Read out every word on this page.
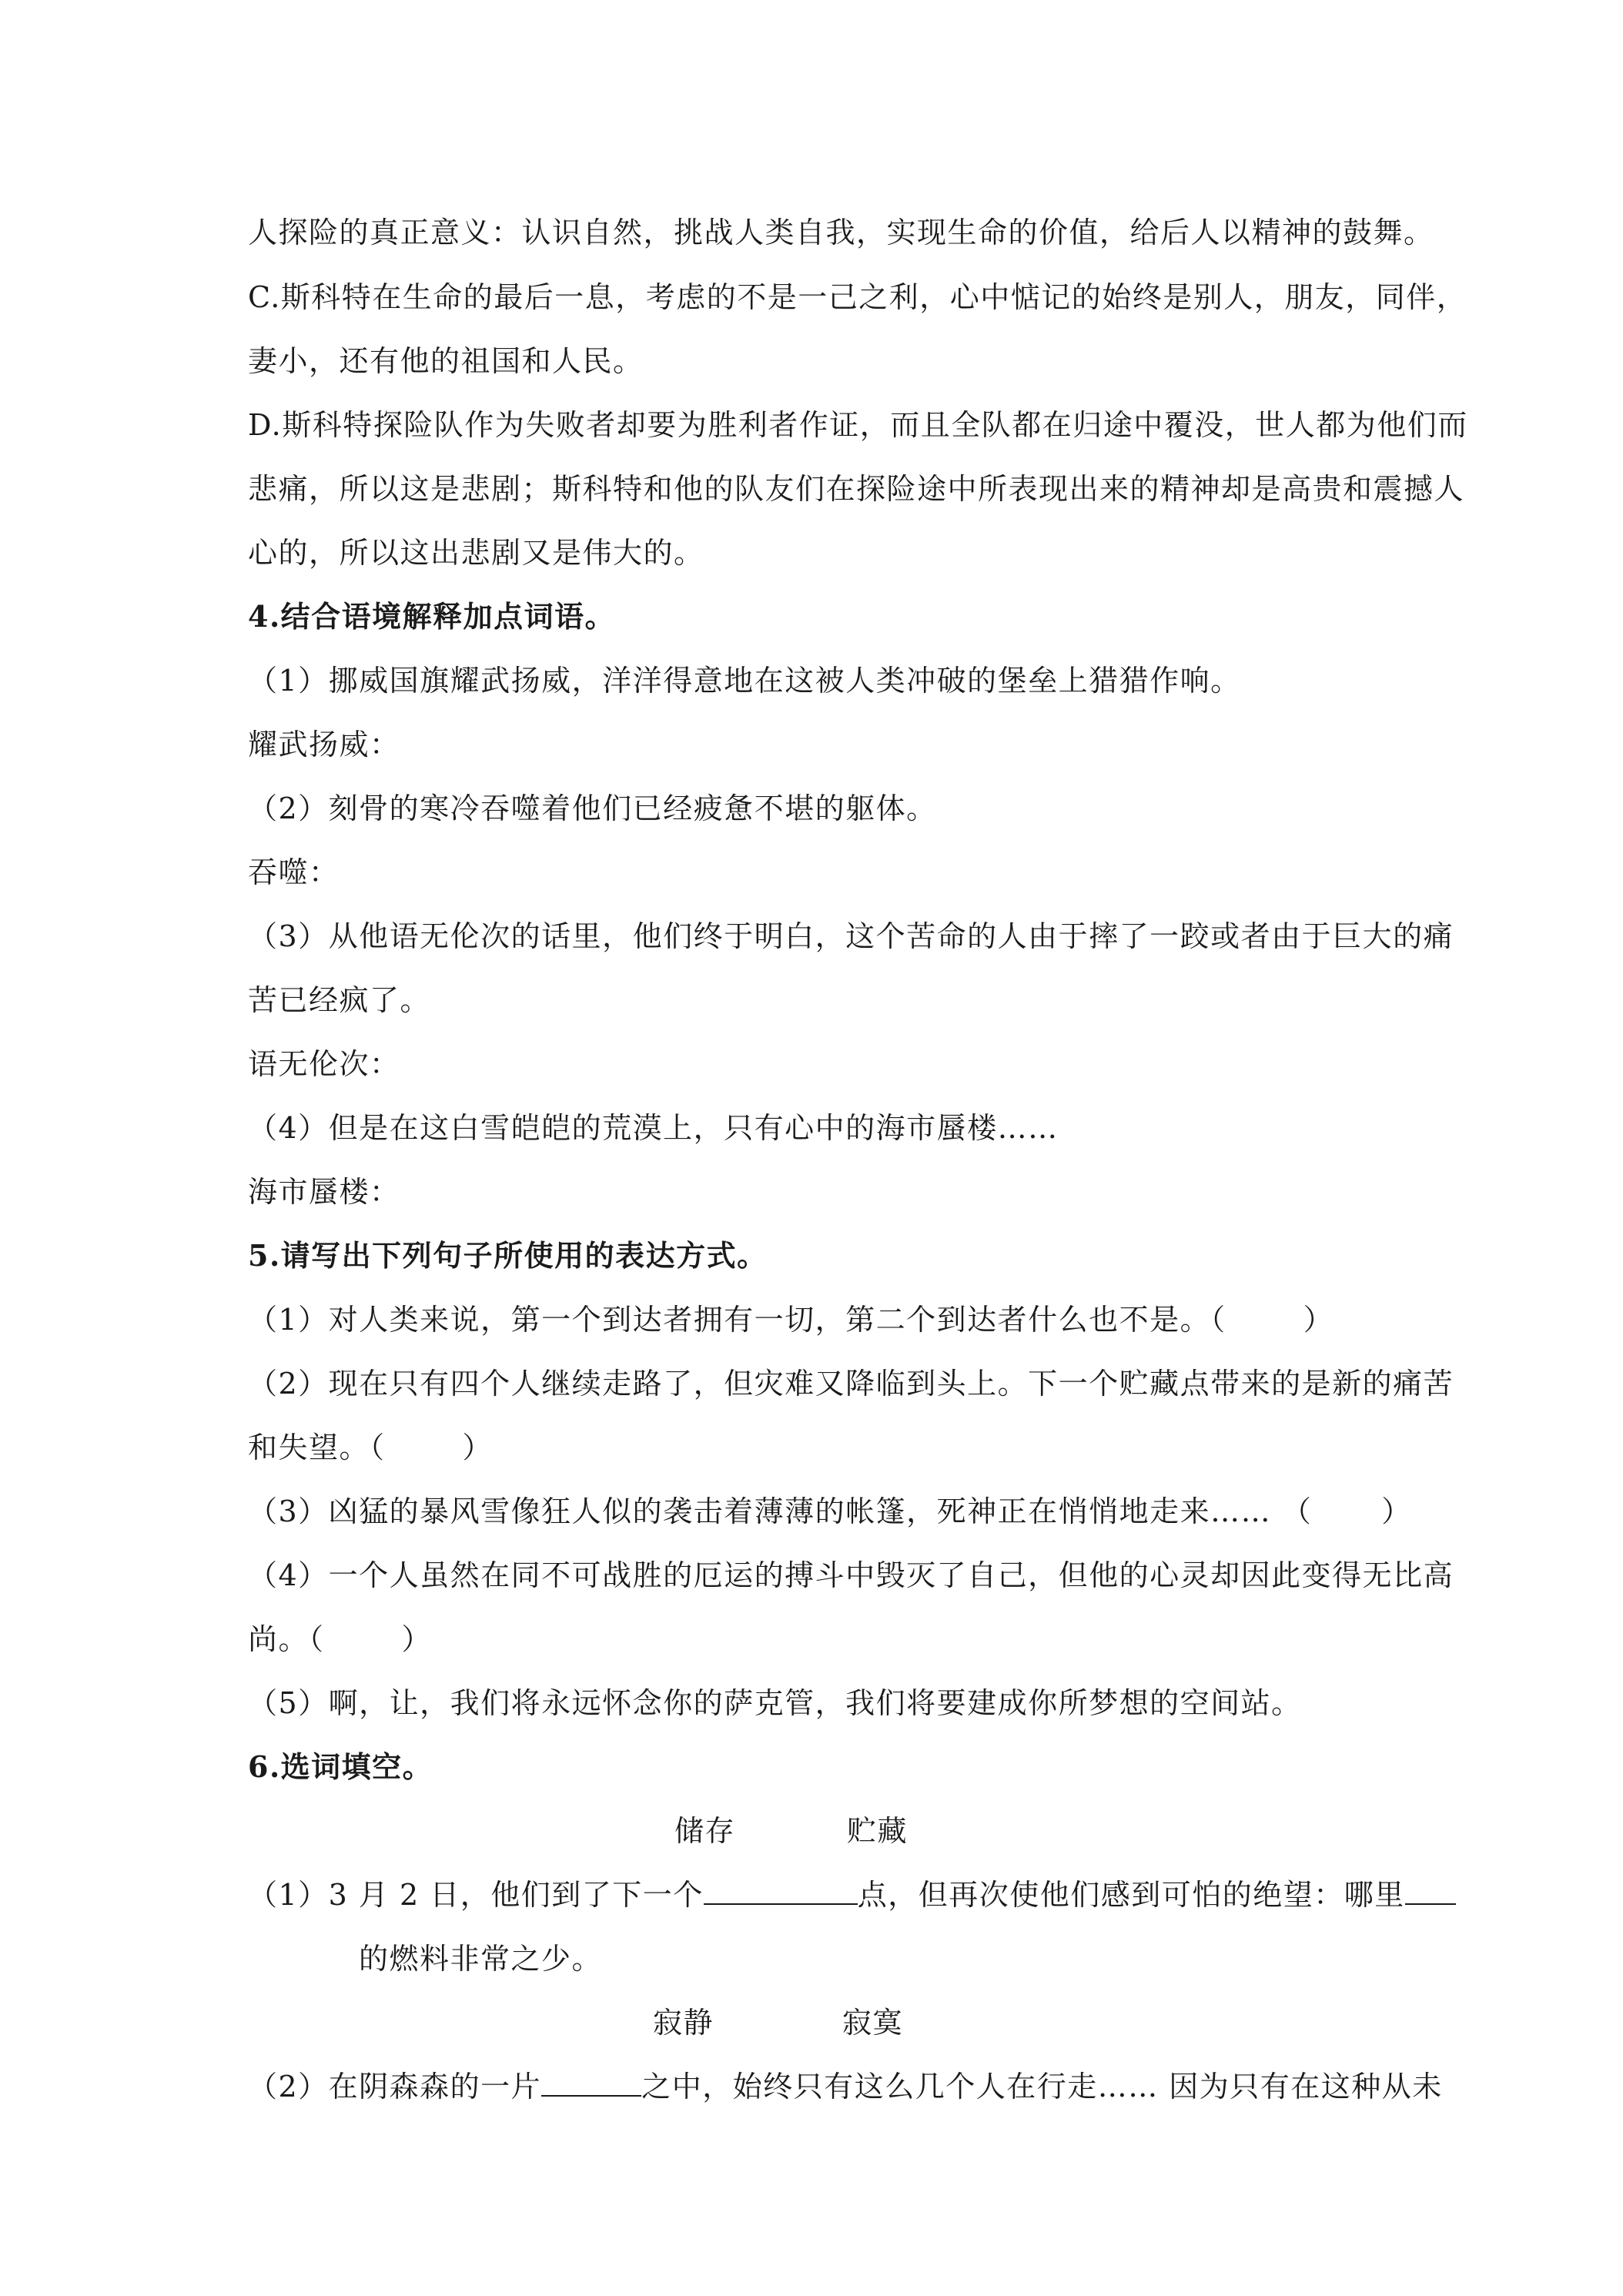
人探险的真正意义：认识自然，挑战人类自我，实现生命的价值，给后人以精神的鼓舞。
C.斯科特在生命的最后一息，考虑的不是一己之利，心中惦记的始终是别人，朋友，同伴，
妻小，还有他的祖国和人民。
D.斯科特探险队作为失败者却要为胜利者作证，而且全队都在归途中覆没，世人都为他们而
悲痛，所以这是悲剧；斯科特和他的队友们在探险途中所表现出来的精神却是高贵和震撼人
心的，所以这出悲剧又是伟大的。
4.结合语境解释加点词语。
（1）挪威国旗耀武扬威，洋洋得意地在这被人类冲破的堡垒上猎猎作响。
耀武扬威：
（2）刻骨的寒冷吞噬着他们已经疲惫不堪的躯体。
吞噬：
（3）从他语无伦次的话里，他们终于明白，这个苦命的人由于摔了一跤或者由于巨大的痛
苦已经疯了。
语无伦次：
（4）但是在这白雪皑皑的荒漠上，只有心中的海市蜃楼……
海市蜃楼：
5.请写出下列句子所使用的表达方式。
（1）对人类来说，第一个到达者拥有一切，第二个到达者什么也不是。（	）
（2）现在只有四个人继续走路了，但灾难又降临到头上。下一个贮藏点带来的是新的痛苦
和失望。（	）
（3）凶猛的暴风雪像狂人似的袭击着薄薄的帐篷，死神正在悄悄地走来…… （ ）
（4）一个人虽然在同不可战胜的厄运的搏斗中毁灭了自己，但他的心灵却因此变得无比高
尚。（	）
（5）啊，让，我们将永远怀念你的萨克管，我们将要建成你所梦想的空间站。
6.选词填空。
储存	贮藏
（1）3 月 2 日，他们到了下一个	点，但再次使他们感到可怕的绝望：哪里
的燃料非常之少。
寂静	寂寞
（2）在阴森森的一片	之中，始终只有这么几个人在行走…… 因为只有在这种从未
